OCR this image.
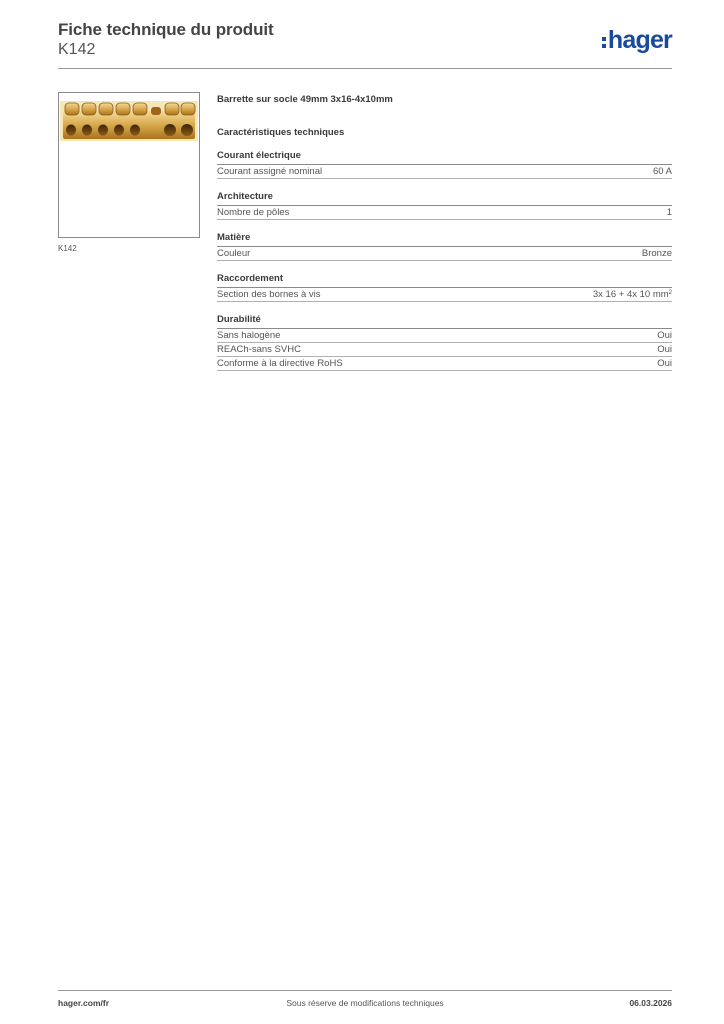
Fiche technique du produit
K142	hager
K142
Barrette sur socle 49mm 3x16-4x10mm
Caractéristiques techniques
Courant électrique
Courant assigné nominal	60 A
Architecture
Nombre de pôles	1
Matière
Couleur	Bronze
Raccordement
Section des bornes à vis	3x 16 + 4x 10 $mm^2$
Durabilité
Sans halogène	Oui
REACh-sans SVHC	Oui
Conforme à la directive RoHS	Oui
Sous réserve de modifications techniques
hager.com/fr	06.03.2026
